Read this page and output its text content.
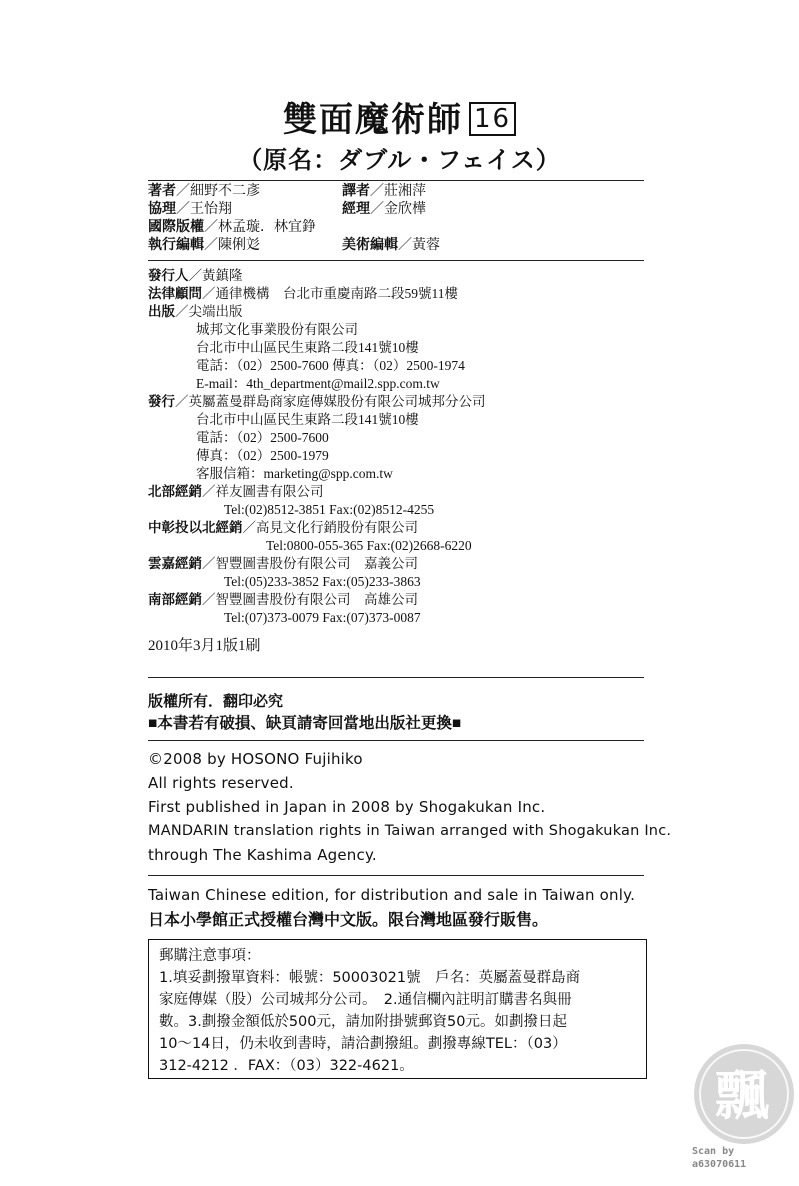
雙面魔術師 16
（原名：ダブル・フェイス）
著者／細野不二彥	譯者／莊湘萍
協理／王怡翔	經理／金欣樺
國際版權／林孟璇．林宜錚
執行編輯／陳俐彣	美術編輯／黃蓉
發行人／黃鎮隆
法律顧問／通律機構　台北市重慶南路二段59號11樓
出版／尖端出版
城邦文化事業股份有限公司
台北市中山區民生東路二段141號10樓
電話：（02）2500-7600 傳真：（02）2500-1974
E-mail：4th_department@mail2.spp.com.tw
發行／英屬蓋曼群島商家庭傳媒股份有限公司城邦分公司
台北市中山區民生東路二段141號10樓
電話：（02）2500-7600
傳真：（02）2500-1979
客服信箱：marketing@spp.com.tw
北部經銷／祥友圖書有限公司
Tel:(02)8512-3851 Fax:(02)8512-4255
中彰投以北經銷／高見文化行銷股份有限公司
Tel:0800-055-365 Fax:(02)2668-6220
雲嘉經銷／智豐圖書股份有限公司　嘉義公司
Tel:(05)233-3852 Fax:(05)233-3863
南部經銷／智豐圖書股份有限公司　高雄公司
Tel:(07)373-0079 Fax:(07)373-0087
2010年3月1版1刷
版權所有．翻印必究
■本書若有破損、缺頁請寄回當地出版社更換■
©2008 by HOSONO Fujihiko
All rights reserved.
First published in Japan in 2008 by Shogakukan Inc.
MANDARIN translation rights in Taiwan arranged with Shogakukan Inc.
through The Kashima Agency.
Taiwan Chinese edition, for distribution and sale in Taiwan only.
日本小學館正式授權台灣中文版。限台灣地區發行販售。
郵購注意事項：
1.填妥劃撥單資料：帳號：50003021號　戶名：英屬蓋曼群島商
家庭傳媒（股）公司城邦分公司。　2.通信欄內註明訂購書名與冊
數。3.劃撥金額低於500元，請加附掛號郵資50元。如劃撥日起
10～14日，仍未收到書時，請洽劃撥組。劃撥專線TEL：（03）
312-4212 ．FAX：（03）322-4621。	飄
Scan by
a63070611
